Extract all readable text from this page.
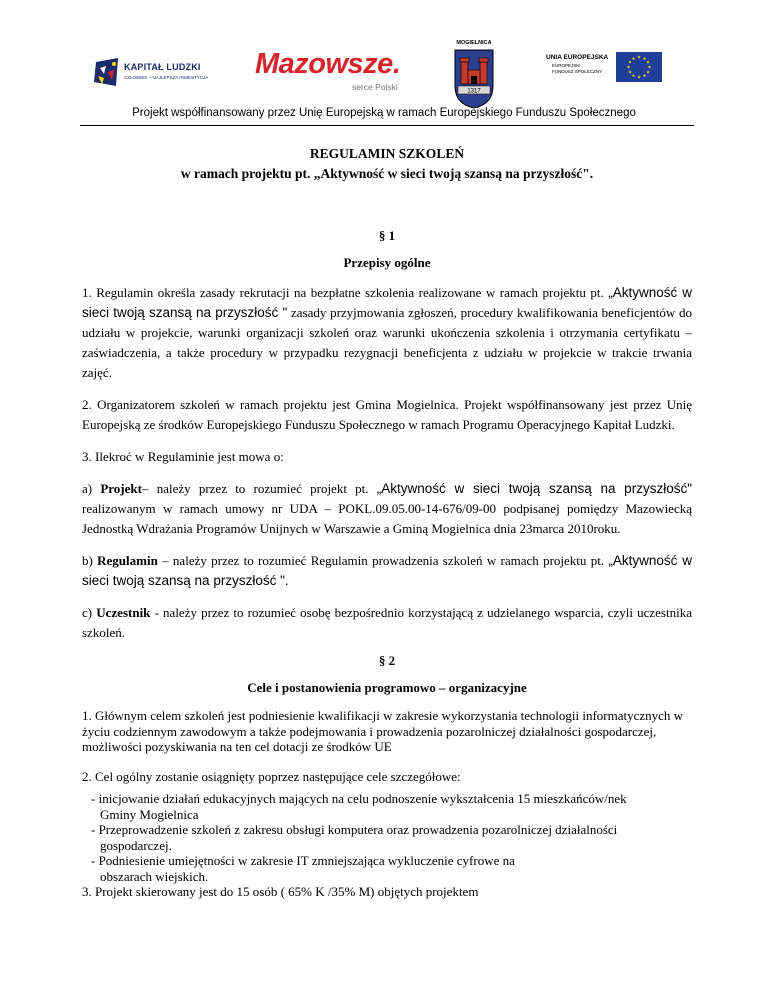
KAPITAŁ LUDZKI
CZŁOWIEK – NAJLEPSZA INWESTYCJA Mazowsze.
serce Polski
MOGIELNICA
1317
UNIA EUROPEJSKA
EUROPEJSKI
FUNDUSZ SPOŁECZNY
★ ★
★
★
★
★
★
★
★
★
★
★
Projekt współfinansowany przez Unię Europejską w ramach Europejskiego Funduszu Społecznego
REGULAMIN SZKOLEŃ
w ramach projektu pt. „Aktywność w sieci twoją szansą na przyszłość".
§ 1
Przepisy ogólne

1. Regulamin określa zasady rekrutacji na bezpłatne szkolenia realizowane w ramach projektu pt. „Aktywność w sieci twoją szansą na przyszłość " zasady przyjmowania zgłoszeń, procedury kwalifikowania beneficjentów do udziału w projekcie, warunki organizacji szkoleń oraz warunki ukończenia szkolenia i otrzymania certyfikatu – zaświadczenia, a także procedury w przypadku rezygnacji beneficjenta z udziału w projekcie w trakcie trwania zajęć.

2. Organizatorem szkoleń w ramach projektu jest Gmina Mogielnica. Projekt współfinansowany jest przez Unię Europejską ze środków Europejskiego Funduszu Społecznego w ramach Programu Operacyjnego Kapitał Ludzki.

3. Ilekroć w Regulaminie jest mowa o:

a) Projekt– należy przez to rozumieć projekt pt. „Aktywność w sieci twoją szansą na przyszłość" realizowanym w ramach umowy nr UDA – POKL.09.05.00-14-676/09-00 podpisanej pomiędzy Mazowiecką Jednostką Wdrażania Programów Unijnych w Warszawie a Gminą Mogielnica dnia 23marca 2010roku.

b) Regulamin – należy przez to rozumieć Regulamin prowadzenia szkoleń w ramach projektu pt. „Aktywność w sieci twoją szansą na przyszłość ".

c) Uczestnik - należy przez to rozumieć osobę bezpośrednio korzystającą z udzielanego wsparcia, czyli uczestnika szkoleń.

§ 2
Cele i postanowienia programowo – organizacyjne

1. Głównym celem szkoleń jest podniesienie kwalifikacji w zakresie wykorzystania technologii informatycznych w życiu codziennym zawodowym a także podejmowania i prowadzenia pozarolniczej działalności gospodarczej, możliwości pozyskiwania na ten cel dotacji ze środków UE

2. Cel ogólny zostanie osiągnięty poprzez następujące cele szczegółowe:

- inicjowanie działań edukacyjnych mających na celu podnoszenie wykształcenia 15 mieszkańców/nek

Gminy Mogielnica

- Przeprowadzenie szkoleń z zakresu obsługi komputera oraz prowadzenia pozarolniczej działalności

gospodarczej.

- Podniesienie umiejętności w zakresie IT zmniejszająca wykluczenie cyfrowe na

obszarach wiejskich.

3. Projekt skierowany jest do 15 osób ( 65% K /35% M) objętych projektem
